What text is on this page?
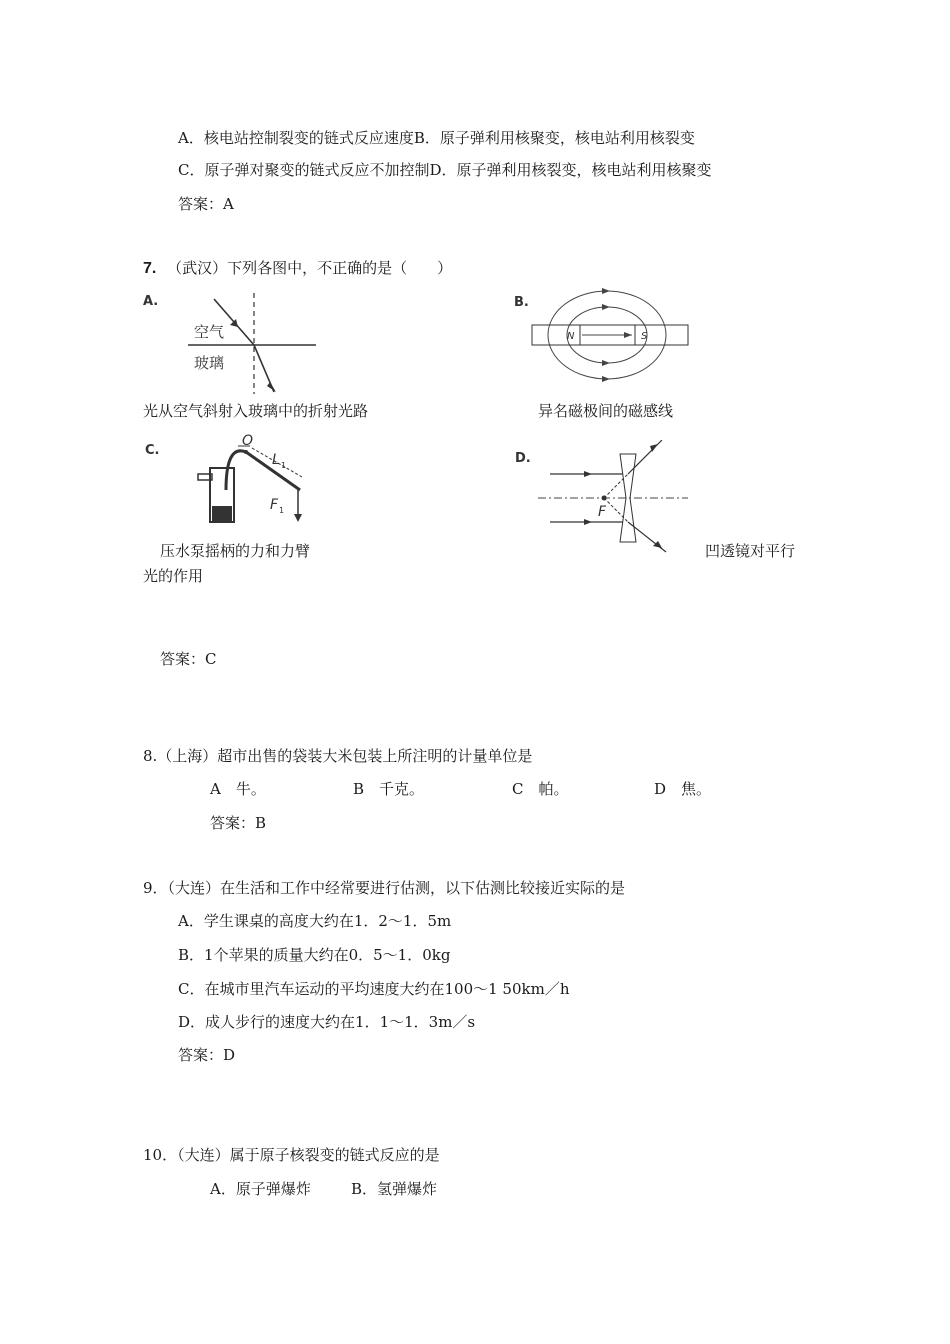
A．核电站控制裂变的链式反应速度B．原子弹利用核聚变，核电站利用核裂变
C．原子弹对聚变的链式反应不加控制D．原子弹利用核裂变，核电站利用核聚变
答案：A
7. （武汉）下列各图中，不正确的是（　　）
A.
空气
玻璃
光从空气斜射入玻璃中的折射光路
B.
N	S
异名磁极间的磁感线
C.
O
L 1
F 1
D.
F
压水泵摇柄的力和力臂	凹透镜对平行
光的作用
答案：C
8.（上海）超市出售的袋装大米包装上所注明的计量单位是
A　牛。	B　千克。	C　帕。	D　焦。
答案：B
9．（大连）在生活和工作中经常要进行估测，以下估测比较接近实际的是
A．学生课桌的高度大约在1．2～1．5m
B．1个苹果的质量大约在0．5～1．0kg
C．在城市里汽车运动的平均速度大约在100～1 50km／h
D．成人步行的速度大约在1．1～1．3m／s
答案：D
10．（大连）属于原子核裂变的链式反应的是
A．原子弹爆炸	B．氢弹爆炸
